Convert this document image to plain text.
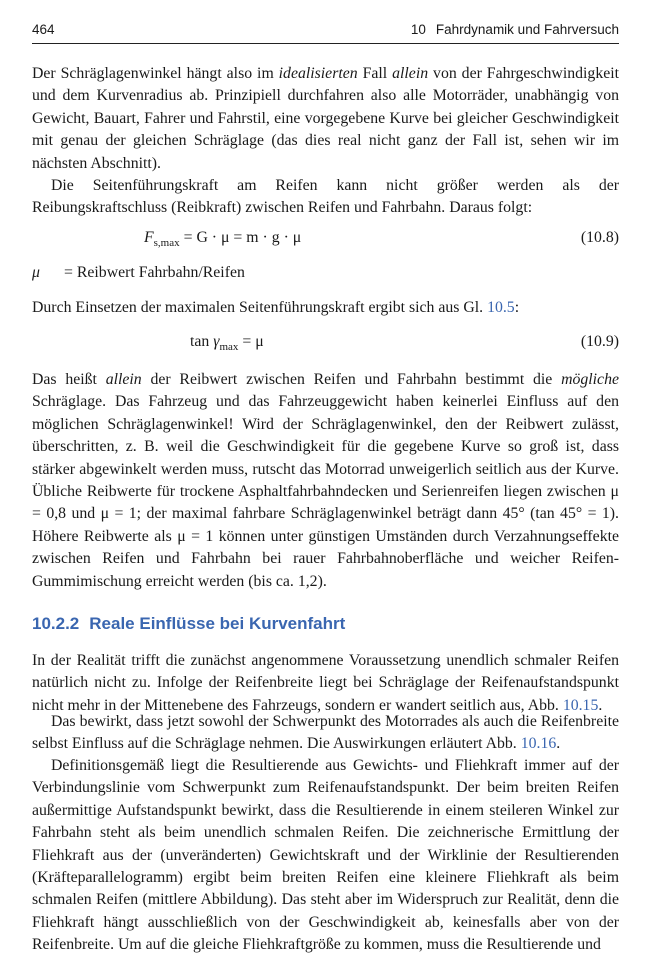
464	10 Fahrdynamik und Fahrversuch

Der Schräglagenwinkel hängt also im idealisierten Fall allein von der Fahrgeschwindigkeit und dem Kurvenradius ab. Prinzipiell durchfahren also alle Motorräder, unabhängig von Gewicht, Bauart, Fahrer und Fahrstil, eine vorgegebene Kurve bei gleicher Geschwindigkeit mit genau der gleichen Schräglage (das dies real nicht ganz der Fall ist, sehen wir im nächsten Abschnitt).

Die Seitenführungskraft am Reifen kann nicht größer werden als der Reibungskraftschluss (Reibkraft) zwischen Reifen und Fahrbahn. Daraus folgt:

$F_{s,max} = G \cdot \mu = m \cdot g \cdot \mu$	(10.8)
μ = Reibwert Fahrbahn/Reifen

Durch Einsetzen der maximalen Seitenführungskraft ergibt sich aus Gl. 10.5:

$\tan \gamma_{max} = \mu$	(10.9)

Das heißt allein der Reibwert zwischen Reifen und Fahrbahn bestimmt die mögliche Schräglage. Das Fahrzeug und das Fahrzeuggewicht haben keinerlei Einfluss auf den möglichen Schräglagenwinkel! Wird der Schräglagenwinkel, den der Reibwert zulässt, überschritten, z. B. weil die Geschwindigkeit für die gegebene Kurve so groß ist, dass stärker abgewinkelt werden muss, rutscht das Motorrad unweigerlich seitlich aus der Kurve. Übliche Reibwerte für trockene Asphaltfahrbahndecken und Serienreifen liegen zwischen μ = 0,8 und μ = 1; der maximal fahrbare Schräglagenwinkel beträgt dann 45° (tan 45° = 1). Höhere Reibwerte als μ = 1 können unter günstigen Umständen durch Verzahnungseffekte zwischen Reifen und Fahrbahn bei rauer Fahrbahnoberfläche und weicher Reifen-Gummimischung erreicht werden (bis ca. 1,2).

10.2.2 Reale Einflüsse bei Kurvenfahrt

In der Realität trifft die zunächst angenommene Voraussetzung unendlich schmaler Reifen natürlich nicht zu. Infolge der Reifenbreite liegt bei Schräglage der Reifenaufstandspunkt nicht mehr in der Mittenebene des Fahrzeugs, sondern er wandert seitlich aus, Abb. 10.15.

Das bewirkt, dass jetzt sowohl der Schwerpunkt des Motorrades als auch die Reifenbreite selbst Einfluss auf die Schräglage nehmen. Die Auswirkungen erläutert Abb. 10.16.

Definitionsgemäß liegt die Resultierende aus Gewichts- und Fliehkraft immer auf der Verbindungslinie vom Schwerpunkt zum Reifenaufstandspunkt. Der beim breiten Reifen außermittige Aufstandspunkt bewirkt, dass die Resultierende in einem steileren Winkel zur Fahrbahn steht als beim unendlich schmalen Reifen. Die zeichnerische Ermittlung der Fliehkraft aus der (unveränderten) Gewichtskraft und der Wirklinie der Resultierenden (Kräfteparallelogramm) ergibt beim breiten Reifen eine kleinere Fliehkraft als beim schmalen Reifen (mittlere Abbildung). Das steht aber im Widerspruch zur Realität, denn die Fliehkraft hängt ausschließlich von der Geschwindigkeit ab, keinesfalls aber von der Reifenbreite. Um auf die gleiche Fliehkraftgröße zu kommen, muss die Resultierende und
